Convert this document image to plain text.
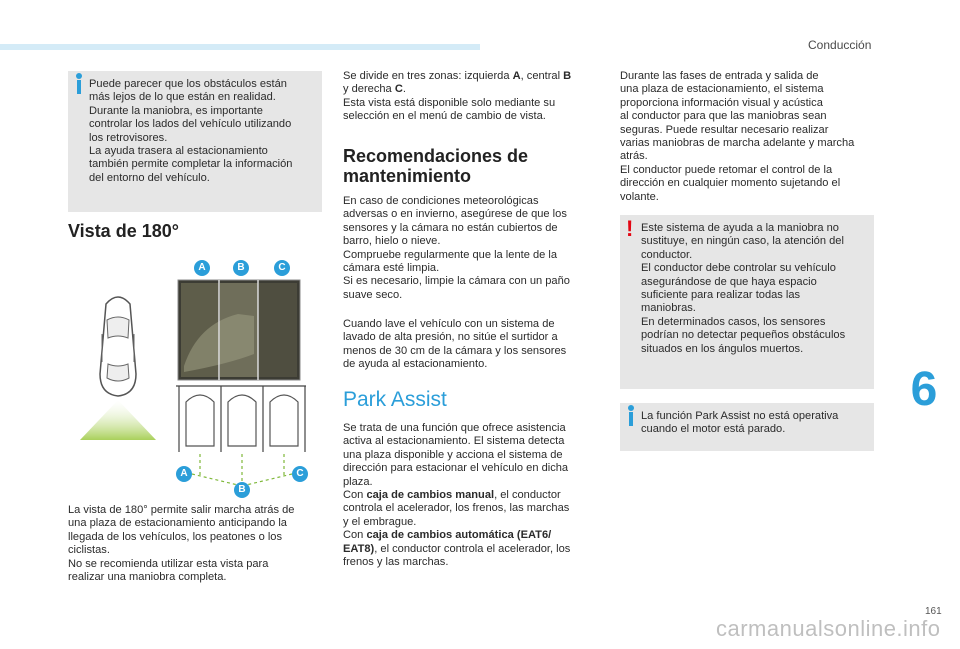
Conducción
Puede parecer que los obstáculos están
más lejos de lo que están en realidad.
Durante la maniobra, es importante
controlar los lados del vehículo utilizando
los retrovisores.
La ayuda trasera al estacionamiento
también permite completar la información
del entorno del vehículo.
Vista de 180°
A	B	C
A
B
C
La vista de 180° permite salir marcha atrás de
una plaza de estacionamiento anticipando la
llegada de los vehículos, los peatones o los
ciclistas.
No se recomienda utilizar esta vista para
realizar una maniobra completa.
Se divide en tres zonas: izquierda A, central B
y derecha C.
Esta vista está disponible solo mediante su
selección en el menú de cambio de vista.
Recomendaciones de
mantenimiento
En caso de condiciones meteorológicas
adversas o en invierno, asegúrese de que los
sensores y la cámara no están cubiertos de
barro, hielo o nieve.
Compruebe regularmente que la lente de la
cámara esté limpia.
Si es necesario, limpie la cámara con un paño
suave seco.
Cuando lave el vehículo con un sistema de
lavado de alta presión, no sitúe el surtidor a
menos de 30 cm de la cámara y los sensores
de ayuda al estacionamiento.
Park Assist
Se trata de una función que ofrece asistencia
activa al estacionamiento. El sistema detecta
una plaza disponible y acciona el sistema de
dirección para estacionar el vehículo en dicha
plaza.
Con caja de cambios manual, el conductor
controla el acelerador, los frenos, las marchas
y el embrague.
Con caja de cambios automática (EAT6/
EAT8), el conductor controla el acelerador, los
frenos y las marchas.
Durante las fases de entrada y salida de
una plaza de estacionamiento, el sistema
proporciona información visual y acústica
al conductor para que las maniobras sean
seguras. Puede resultar necesario realizar
varias maniobras de marcha adelante y marcha
atrás.
El conductor puede retomar el control de la
dirección en cualquier momento sujetando el
volante.
! Este sistema de ayuda a la maniobra no
sustituye, en ningún caso, la atención del
conductor.
El conductor debe controlar su vehículo
asegurándose de que haya espacio
suficiente para realizar todas las
maniobras.
En determinados casos, los sensores
podrían no detectar pequeños obstáculos
situados en los ángulos muertos.
La función Park Assist no está operativa
cuando el motor está parado.
6
161
carmanualsonline.info
